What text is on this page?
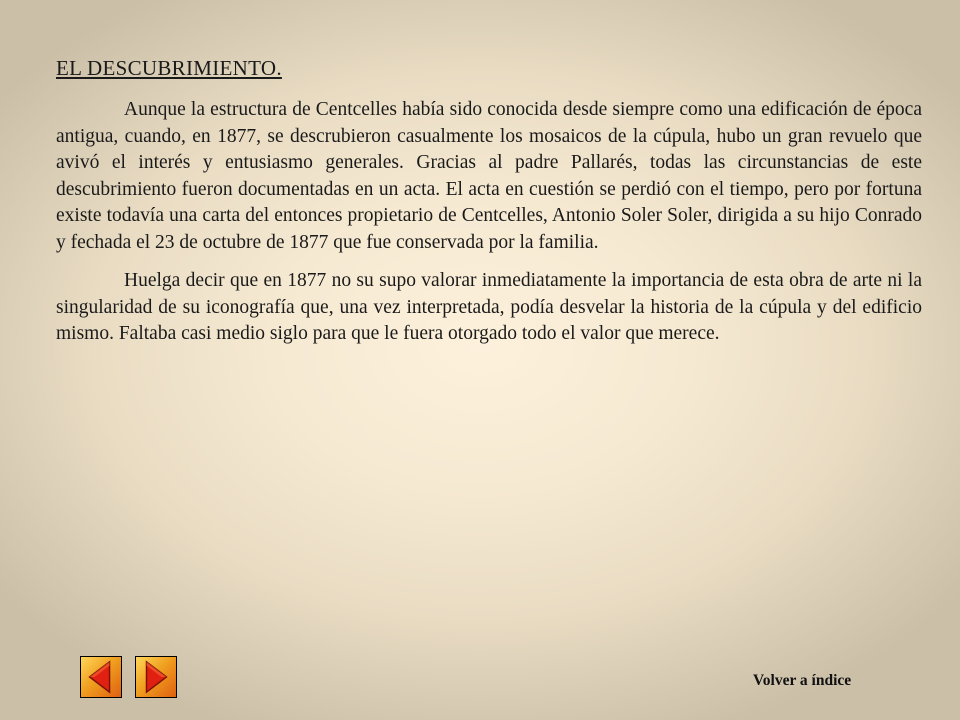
EL DESCUBRIMIENTO.

Aunque la estructura de Centcelles había sido conocida desde siempre como una edificación de época antigua, cuando, en 1877, se descrubieron casualmente los mosaicos de la cúpula, hubo un gran revuelo que avivó el interés y entusiasmo generales. Gracias al padre Pallarés, todas las circunstancias de este descubrimiento fueron documentadas en un acta. El acta en cuestión se perdió con el tiempo, pero por fortuna existe todavía una carta del entonces propietario de Centcelles, Antonio Soler Soler, dirigida a su hijo Conrado y fechada el 23 de octubre de 1877 que fue conservada por la familia.

Huelga decir que en 1877 no su supo valorar inmediatamente la importancia de esta obra de arte ni la singularidad de su iconografía que, una vez interpretada, podía desvelar la historia de la cúpula y del edificio mismo. Faltaba casi medio siglo para que le fuera otorgado todo el valor que merece.

Volver a índice
